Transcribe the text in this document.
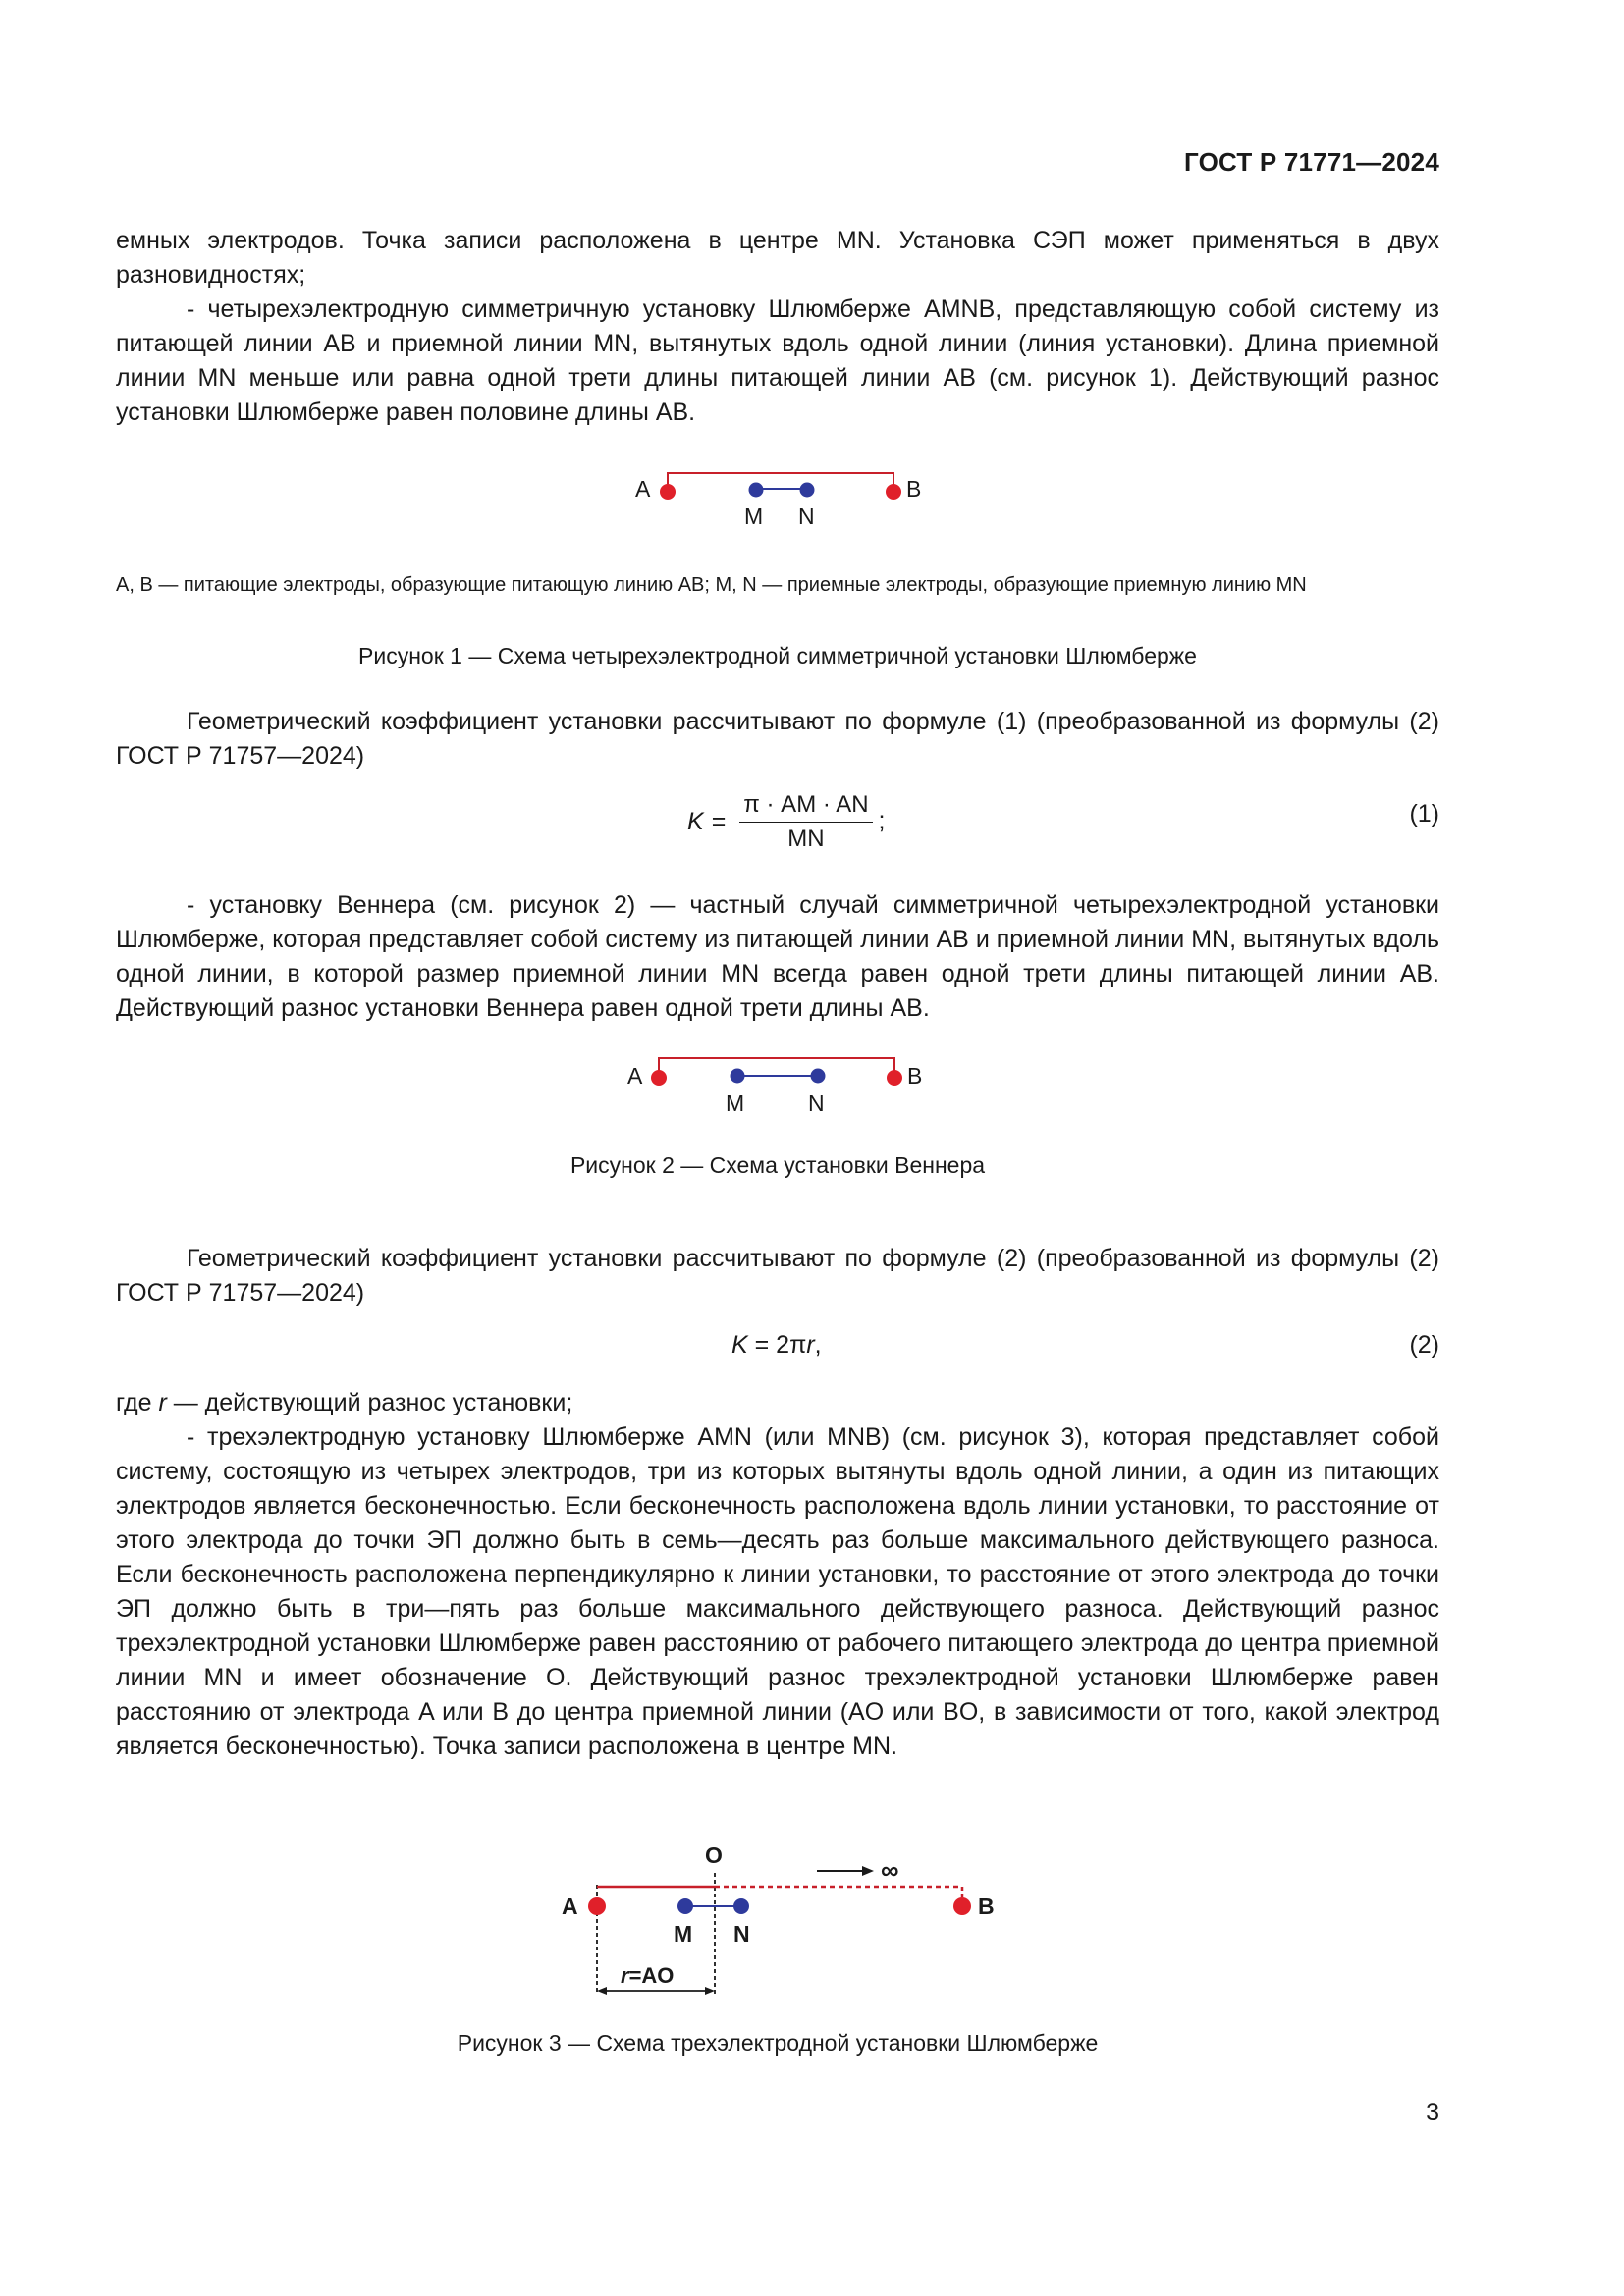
ГОСТ Р 71771—2024

емных электродов. Точка записи расположена в центре MN. Установка СЭП может применяться в двух разновидностях;

- четырехэлектродную симметричную установку Шлюмберже AMNB, представляющую собой систему из питающей линии AB и приемной линии MN, вытянутых вдоль одной линии (линия установки). Длина приемной линии MN меньше или равна одной трети длины питающей линии AB (см. рисунок 1). Действующий разнос установки Шлюмберже равен половине длины AB.

A	B
M N

A, B — питающие электроды, образующие питающую линию AB; M, N — приемные электроды, образующие приемную линию MN

Рисунок 1 — Схема четырехэлектродной симметричной установки Шлюмберже

Геометрический коэффициент установки рассчитывают по формуле (1) (преобразованной из формулы (2) ГОСТ Р 71757—2024)

$K = \frac{\pi \cdot AM \cdot AN}{MN}$ ;	(1)

- установку Веннера (см. рисунок 2) — частный случай симметричной четырехэлектродной установки Шлюмберже, которая представляет собой систему из питающей линии AB и приемной линии MN, вытянутых вдоль одной линии, в которой размер приемной линии MN всегда равен одной трети длины питающей линии AB. Действующий разнос установки Веннера равен одной трети длины AB.

A	B
M	N

Рисунок 2 — Схема установки Веннера

Геометрический коэффициент установки рассчитывают по формуле (2) (преобразованной из формулы (2) ГОСТ Р 71757—2024)

K = 2π r ,	(2)

где r — действующий разнос установки;

- трехэлектродную установку Шлюмберже AMN (или MNB) (см. рисунок 3), которая представляет собой систему, состоящую из четырех электродов, три из которых вытянуты вдоль одной линии, а один из питающих электродов является бесконечностью. Если бесконечность расположена вдоль линии установки, то расстояние от этого электрода до точки ЭП должно быть в семь—десять раз больше максимального действующего разноса. Если бесконечность расположена перпендикулярно к линии установки, то расстояние от этого электрода до точки ЭП должно быть в три—пять раз больше максимального действующего разноса. Действующий разнос трехэлектродной установки Шлюмберже равен расстоянию от рабочего питающего электрода до центра приемной линии MN и имеет обозначение O. Действующий разнос трехэлектродной установки Шлюмберже равен расстоянию от электрода A или B до центра приемной линии (AO или BO, в зависимости от того, какой электрод является бесконечностью). Точка записи расположена в центре MN.

∞
O
A	B
M N
r=AO

Рисунок 3 — Схема трехэлектродной установки Шлюмберже

3
